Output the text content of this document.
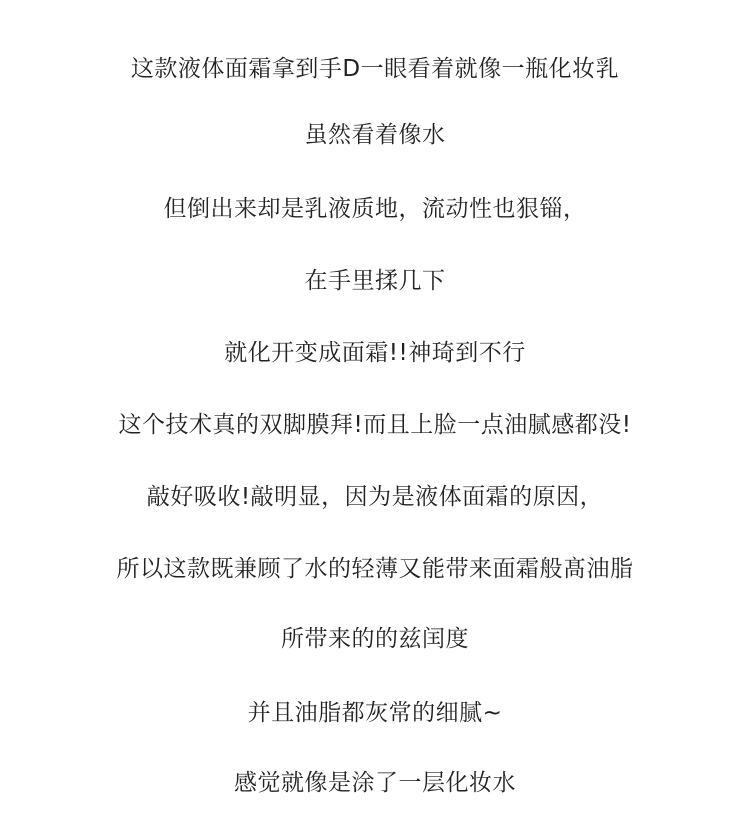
这款液体面霜拿到手D一眼看着就像一瓶化妆乳

虽然看着像水

但倒出来却是乳液质地，流动性也狠锱，

在手里揉几下

就化开变成面霜!!神琦到不行

这个技术真的双脚膜拜!而且上脸一点油腻感都没!

敲好吸收!敲明显，因为是液体面霜的原因，

所以这款既兼顾了水的轻薄又能带来面霜般髙油脂

所带来的的兹闰度

并且油脂都灰常的细腻~

感觉就像是涂了一层化妆水
